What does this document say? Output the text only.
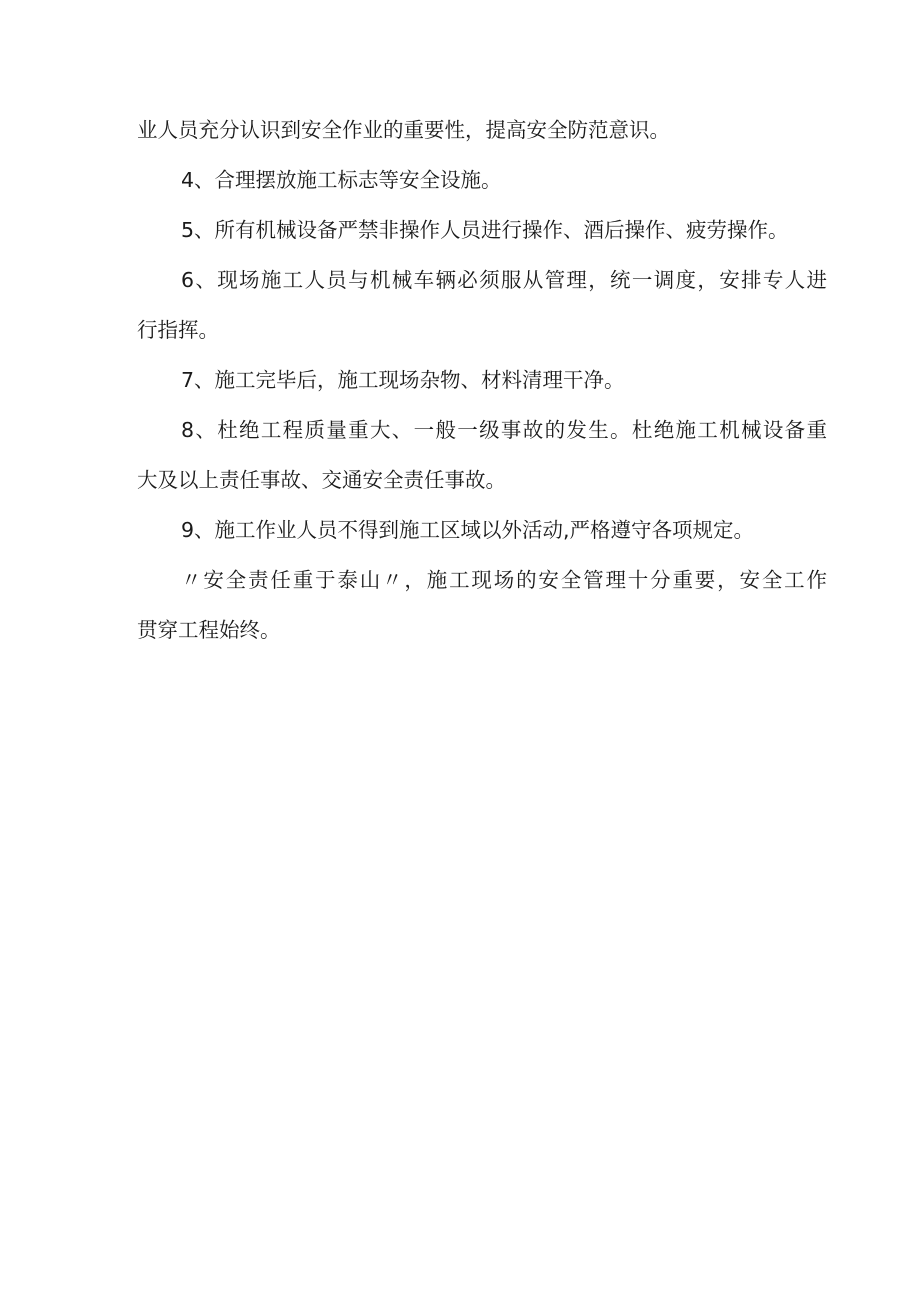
业人员充分认识到安全作业的重要性，提高安全防范意识。
4、合理摆放施工标志等安全设施。
5、所有机械设备严禁非操作人员进行操作、酒后操作、疲劳操作。
6、现场施工人员与机械车辆必须服从管理，统一调度，安排专人进
行指挥。
7、施工完毕后，施工现场杂物、材料清理干净。
8、杜绝工程质量重大、一般一级事故的发生。杜绝施工机械设备重
大及以上责任事故、交通安全责任事故。
9、施工作业人员不得到施工区域以外活动,严格遵守各项规定。
〃安全责任重于泰山〃，施工现场的安全管理十分重要，安全工作
贯穿工程始终。
